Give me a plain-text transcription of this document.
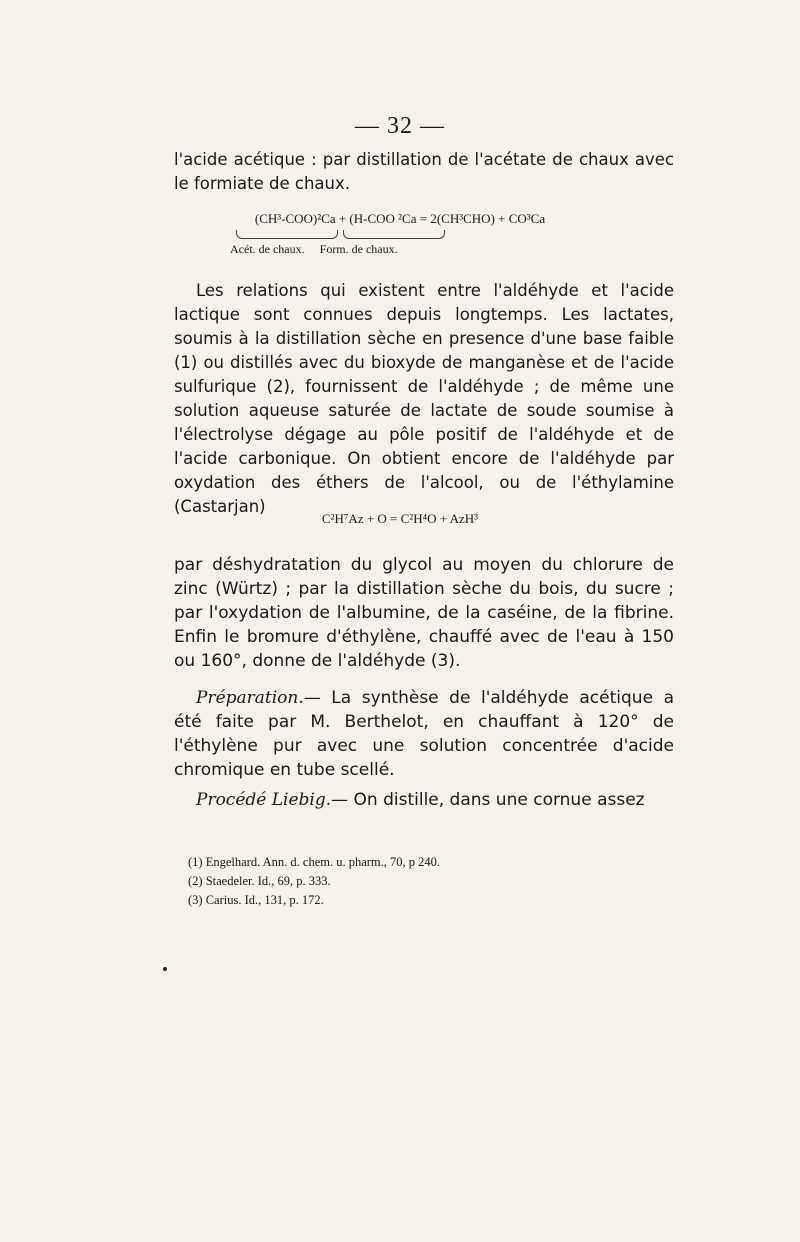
— 32 —

l'acide acétique : par distillation de l'acétate de chaux avec le formiate de chaux.

(CH³-COO)²Ca + (H-COO ²Ca = 2(CH³CHO) + CO³Ca
Acét. de chaux. Form. de chaux.

Les relations qui existent entre l'aldéhyde et l'acide lactique sont connues depuis longtemps. Les lactates, soumis à la distillation sèche en presence d'une base faible (1) ou distillés avec du bioxyde de manganèse et de l'acide sulfurique (2), fournissent de l'aldéhyde ; de même une solution aqueuse saturée de lactate de soude soumise à l'électrolyse dégage au pôle positif de l'aldéhyde et de l'acide carbonique. On obtient encore de l'aldéhyde par oxydation des éthers de l'alcool, ou de l'éthylamine (Castarjan)

C²H⁷Az + O = C²H⁴O + AzH³

par déshydratation du glycol au moyen du chlorure de zinc (Würtz) ; par la distillation sèche du bois, du sucre ; par l'oxydation de l'albumine, de la caséine, de la fibrine. Enfin le bromure d'éthylène, chauffé avec de l'eau à 150 ou 160°, donne de l'aldéhyde (3).

Préparation.— La synthèse de l'aldéhyde acétique a été faite par M. Berthelot, en chauffant à 120° de l'éthylène pur avec une solution concentrée d'acide chromique en tube scellé.

Procédé Liebig.— On distille, dans une cornue assez

(1) Engelhard. Ann. d. chem. u. pharm., 70, p 240.

(2) Staedeler. Id., 69, p. 333.

(3) Carius. Id., 131, p. 172.
